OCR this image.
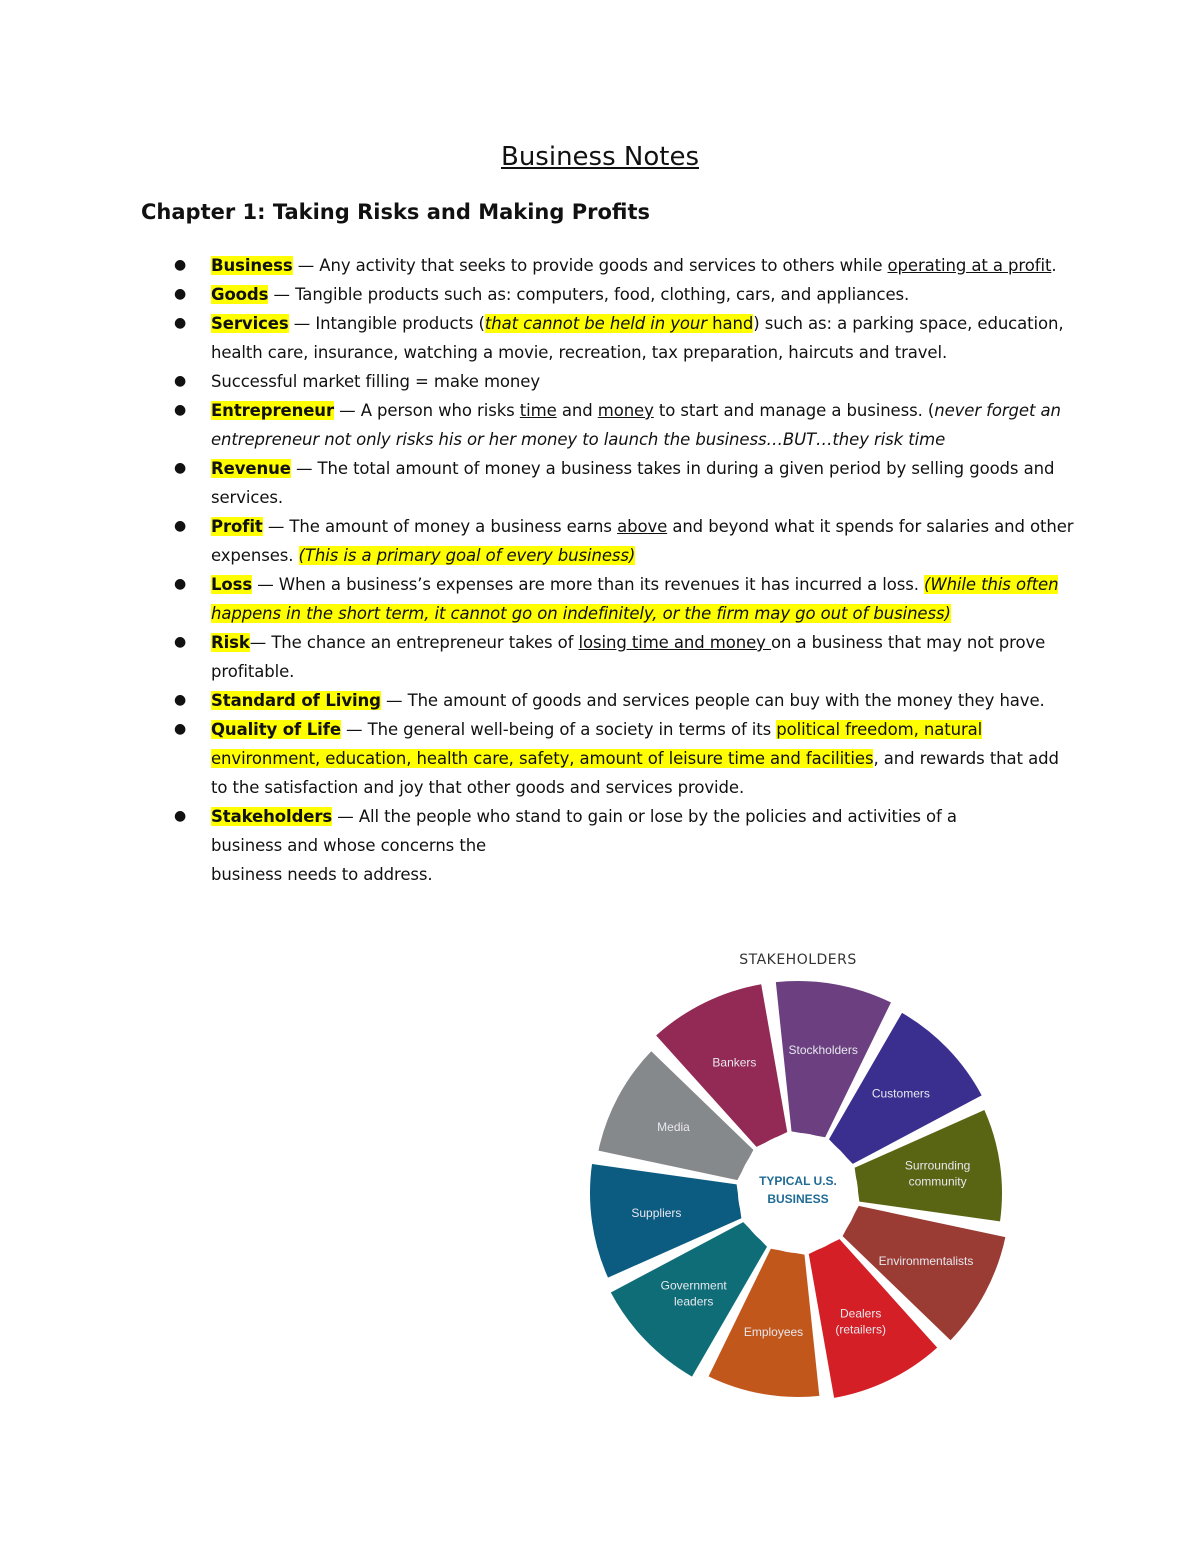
Business Notes
Chapter 1: Taking Risks and Making Profits
● Business — Any activity that seeks to provide goods and services to others while operating at a profit.
● Goods — Tangible products such as: computers, food, clothing, cars, and appliances.
● Services — Intangible products (that cannot be held in your hand) such as: a parking space, education, health care, insurance, watching a movie, recreation, tax preparation, haircuts and travel.
● Successful market filling = make money
● Entrepreneur — A person who risks time and money to start and manage a business. (never forget an entrepreneur not only risks his or her money to launch the business…BUT…they risk time
● Revenue — The total amount of money a business takes in during a given period by selling goods and services.
● Profit — The amount of money a business earns above and beyond what it spends for salaries and other expenses. (This is a primary goal of every business)
● Loss — When a business’s expenses are more than its revenues it has incurred a loss. (While this often happens in the short term, it cannot go on indefinitely, or the firm may go out of business)
● Risk— The chance an entrepreneur takes of losing time and money on a business that may not prove profitable.
● Standard of Living — The amount of goods and services people can buy with the money they have.
● Quality of Life — The general well-being of a society in terms of its political freedom, natural environment, education, health care, safety, amount of leisure time and facilities, and rewards that add to the satisfaction and joy that other goods and services provide.
● Stakeholders — All the people who stand to gain or lose by the policies and activities of a
business and whose concerns the
business needs to address.
STAKEHOLDERS
Stockholders
Customers
Surrounding community
Environmentalists
Dealers (retailers)
Employees
Government leaders
Suppliers
Media
Bankers
TYPICAL U.S.
BUSINESS
